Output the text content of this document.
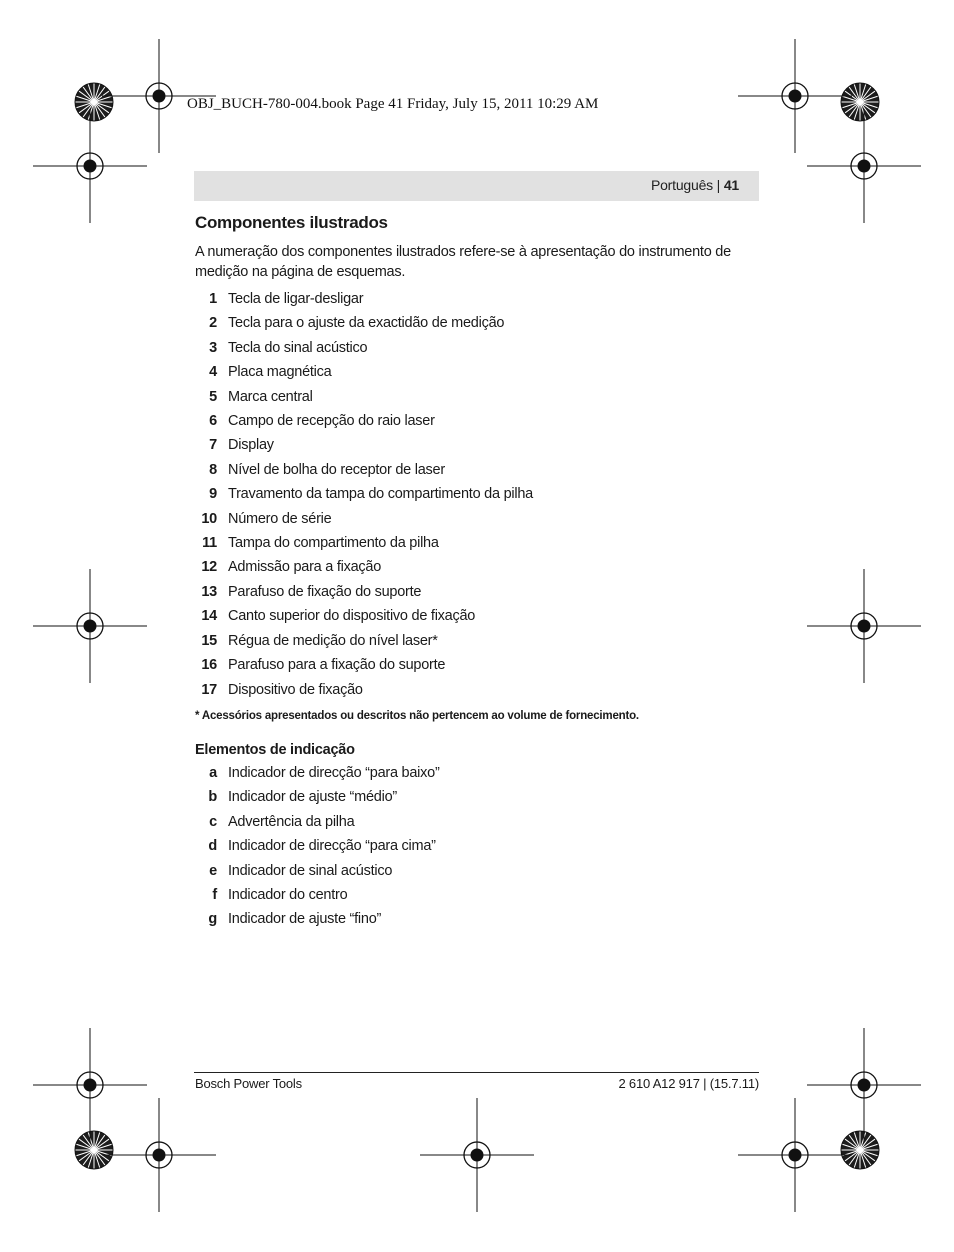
OBJ_BUCH-780-004.book Page 41 Friday, July 15, 2011 10:29 AM
Português | 41
Componentes ilustrados

A numeração dos componentes ilustrados refere-se à apresentação do instrumento de medição na página de esquemas.

1 Tecla de ligar-desligar
2 Tecla para o ajuste da exactidão de medição
3 Tecla do sinal acústico
4 Placa magnética
5 Marca central
6 Campo de recepção do raio laser
7 Display
8 Nível de bolha do receptor de laser
9 Travamento da tampa do compartimento da pilha
10 Número de série
11 Tampa do compartimento da pilha
12 Admissão para a fixação
13 Parafuso de fixação do suporte
14 Canto superior do dispositivo de fixação
15 Régua de medição do nível laser*
16 Parafuso para a fixação do suporte
17 Dispositivo de fixação

* Acessórios apresentados ou descritos não pertencem ao volume de fornecimento.

Elementos de indicação
a Indicador de direcção “para baixo”
b Indicador de ajuste “médio”
c Advertência da pilha
d Indicador de direcção “para cima”
e Indicador de sinal acústico
f Indicador do centro
g Indicador de ajuste “fino”
Bosch Power Tools	2 610 A12 917 | (15.7.11)
